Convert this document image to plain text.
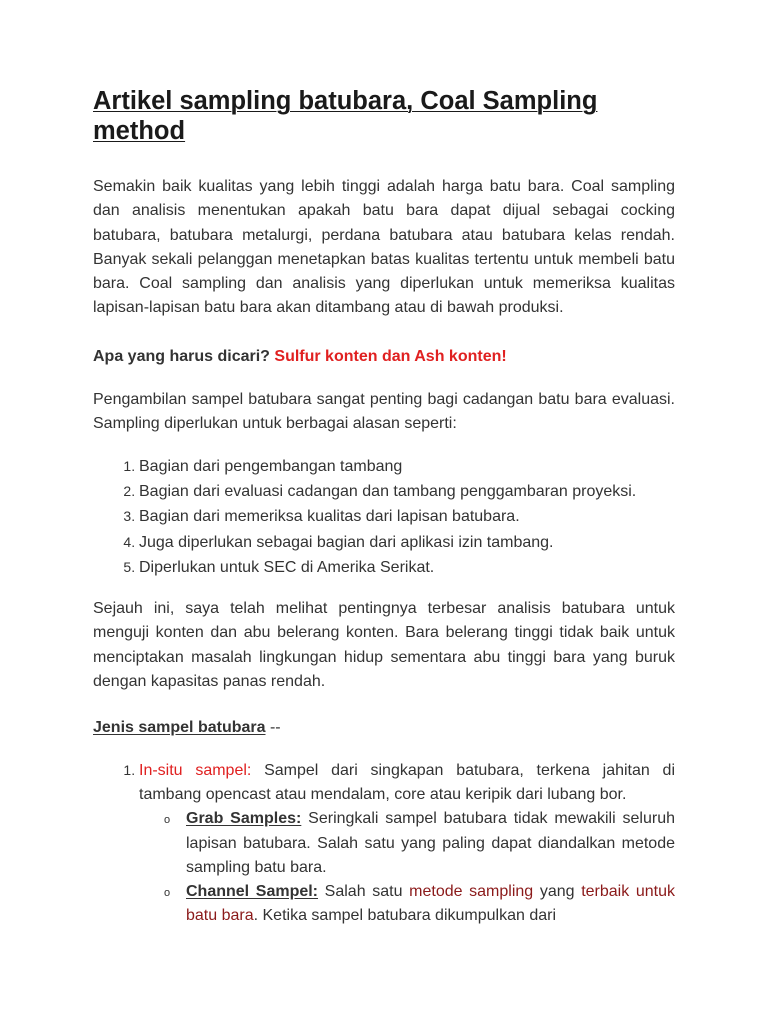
Artikel sampling batubara, Coal Sampling method

Semakin baik kualitas yang lebih tinggi adalah harga batu bara. Coal sampling dan analisis menentukan apakah batu bara dapat dijual sebagai cocking batubara, batubara metalurgi, perdana batubara atau batubara kelas rendah. Banyak sekali pelanggan menetapkan batas kualitas tertentu untuk membeli batu bara. Coal sampling dan analisis yang diperlukan untuk memeriksa kualitas lapisan-lapisan batu bara akan ditambang atau di bawah produksi.

Apa yang harus dicari? Sulfur konten dan Ash konten!

Pengambilan sampel batubara sangat penting bagi cadangan batu bara evaluasi. Sampling diperlukan untuk berbagai alasan seperti:

1. Bagian dari pengembangan tambang
2. Bagian dari evaluasi cadangan dan tambang penggambaran proyeksi.
3. Bagian dari memeriksa kualitas dari lapisan batubara.
4. Juga diperlukan sebagai bagian dari aplikasi izin tambang.
5. Diperlukan untuk SEC di Amerika Serikat.

Sejauh ini, saya telah melihat pentingnya terbesar analisis batubara untuk menguji konten dan abu belerang konten. Bara belerang tinggi tidak baik untuk menciptakan masalah lingkungan hidup sementara abu tinggi bara yang buruk dengan kapasitas panas rendah.

Jenis sampel batubara --

1. In-situ sampel: Sampel dari singkapan batubara, terkena jahitan di tambang opencast atau mendalam, core atau keripik dari lubang bor.
o Grab Samples: Seringkali sampel batubara tidak mewakili seluruh lapisan batubara. Salah satu yang paling dapat diandalkan metode sampling batu bara.
o Channel Sampel: Salah satu metode sampling yang terbaik untuk batu bara. Ketika sampel batubara dikumpulkan dari
